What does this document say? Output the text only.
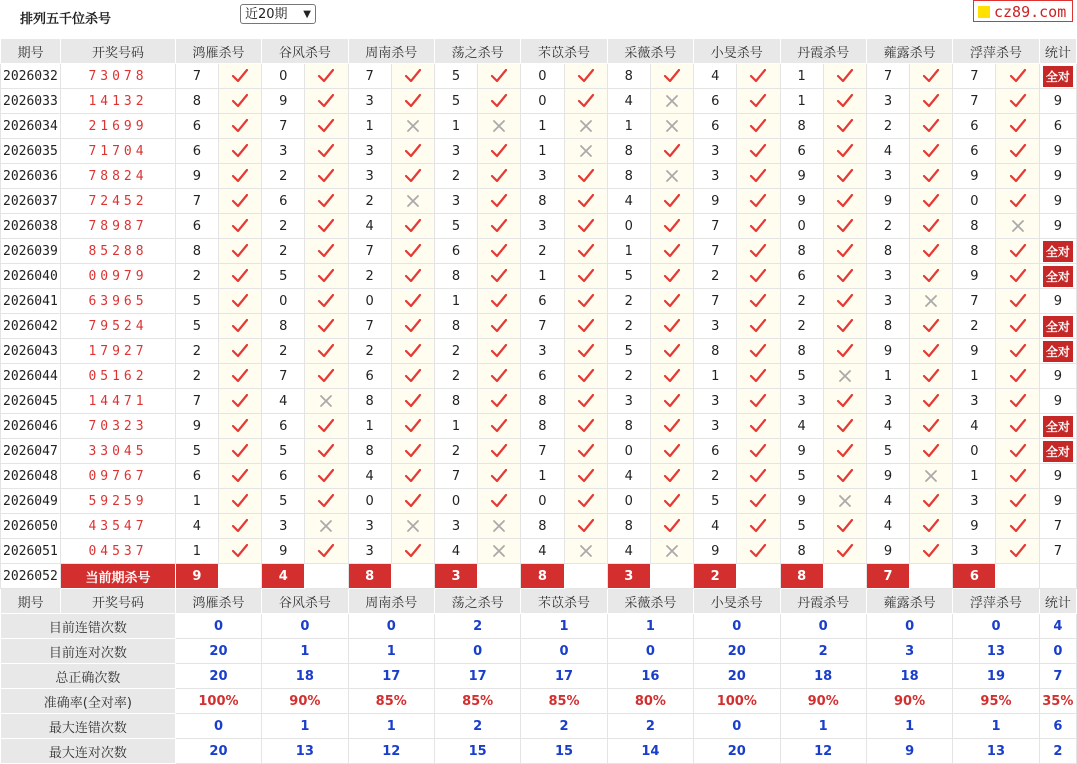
排列五千位杀号	近20期 ▼	cz89.com
期号	开奖号码	鸿雁杀号		谷风杀号		周南杀号		荡之杀号		芣苡杀号		采薇杀号		小旻杀号		丹霞杀号		蕹露杀号		浮萍杀号		统计
2026032	73078	7		0		7		5		0		8		4		1		7		7		全对
2026033	14132	8		9		3		5		0		4		6		1		3		7		9
2026034	21699	6		7		1		1		1		1		6		8		2		6		6
2026035	71704	6		3		3		3		1		8		3		6		4		6		9
2026036	78824	9		2		3		2		3		8		3		9		3		9		9
2026037	72452	7		6		2		3		8		4		9		9		9		0		9
2026038	78987	6		2		4		5		3		0		7		0		2		8		9
2026039	85288	8		2		7		6		2		1		7		8		8		8		全对
2026040	00979	2		5		2		8		1		5		2		6		3		9		全对
2026041	63965	5		0		0		1		6		2		7		2		3		7		9
2026042	79524	5		8		7		8		7		2		3		2		8		2		全对
2026043	17927	2		2		2		2		3		5		8		8		9		9		全对
2026044	05162	2		7		6		2		6		2		1		5		1		1		9
2026045	14471	7		4		8		8		8		3		3		3		3		3		9
2026046	70323	9		6		1		1		8		8		3		4		4		4		全对
2026047	33045	5		5		8		2		7		0		6		9		5		0		全对
2026048	09767	6		6		4		7		1		4		2		5		9		1		9
2026049	59259	1		5		0		0		0		0		5		9		4		3		9
2026050	43547	4		3		3		3		8		8		4		5		4		9		7
2026051	04537	1		9		3		4		4		4		9		8		9		3		7
2026052	当前期杀号	9		4		8		3		8		3		2		8		7		6		
期号	开奖号码	鸿雁杀号		谷风杀号		周南杀号		荡之杀号		芣苡杀号		采薇杀号		小旻杀号		丹霞杀号		蕹露杀号		浮萍杀号		统计
目前连错次数		0		0		0		2		1		1		0		0		0		0		4
目前连对次数		20		1		1		0		0		0		20		2		3		13		0
总正确次数		20		18		17		17		17		16		20		18		18		19		7
准确率(全对率)		100%		90%		85%		85%		85%		80%		100%		90%		90%		95%		35%
最大连错次数		0		1		1		2		2		2		0		1		1		1		6
最大连对次数		20		13		12		15		15		14		20		12		9		13		2
